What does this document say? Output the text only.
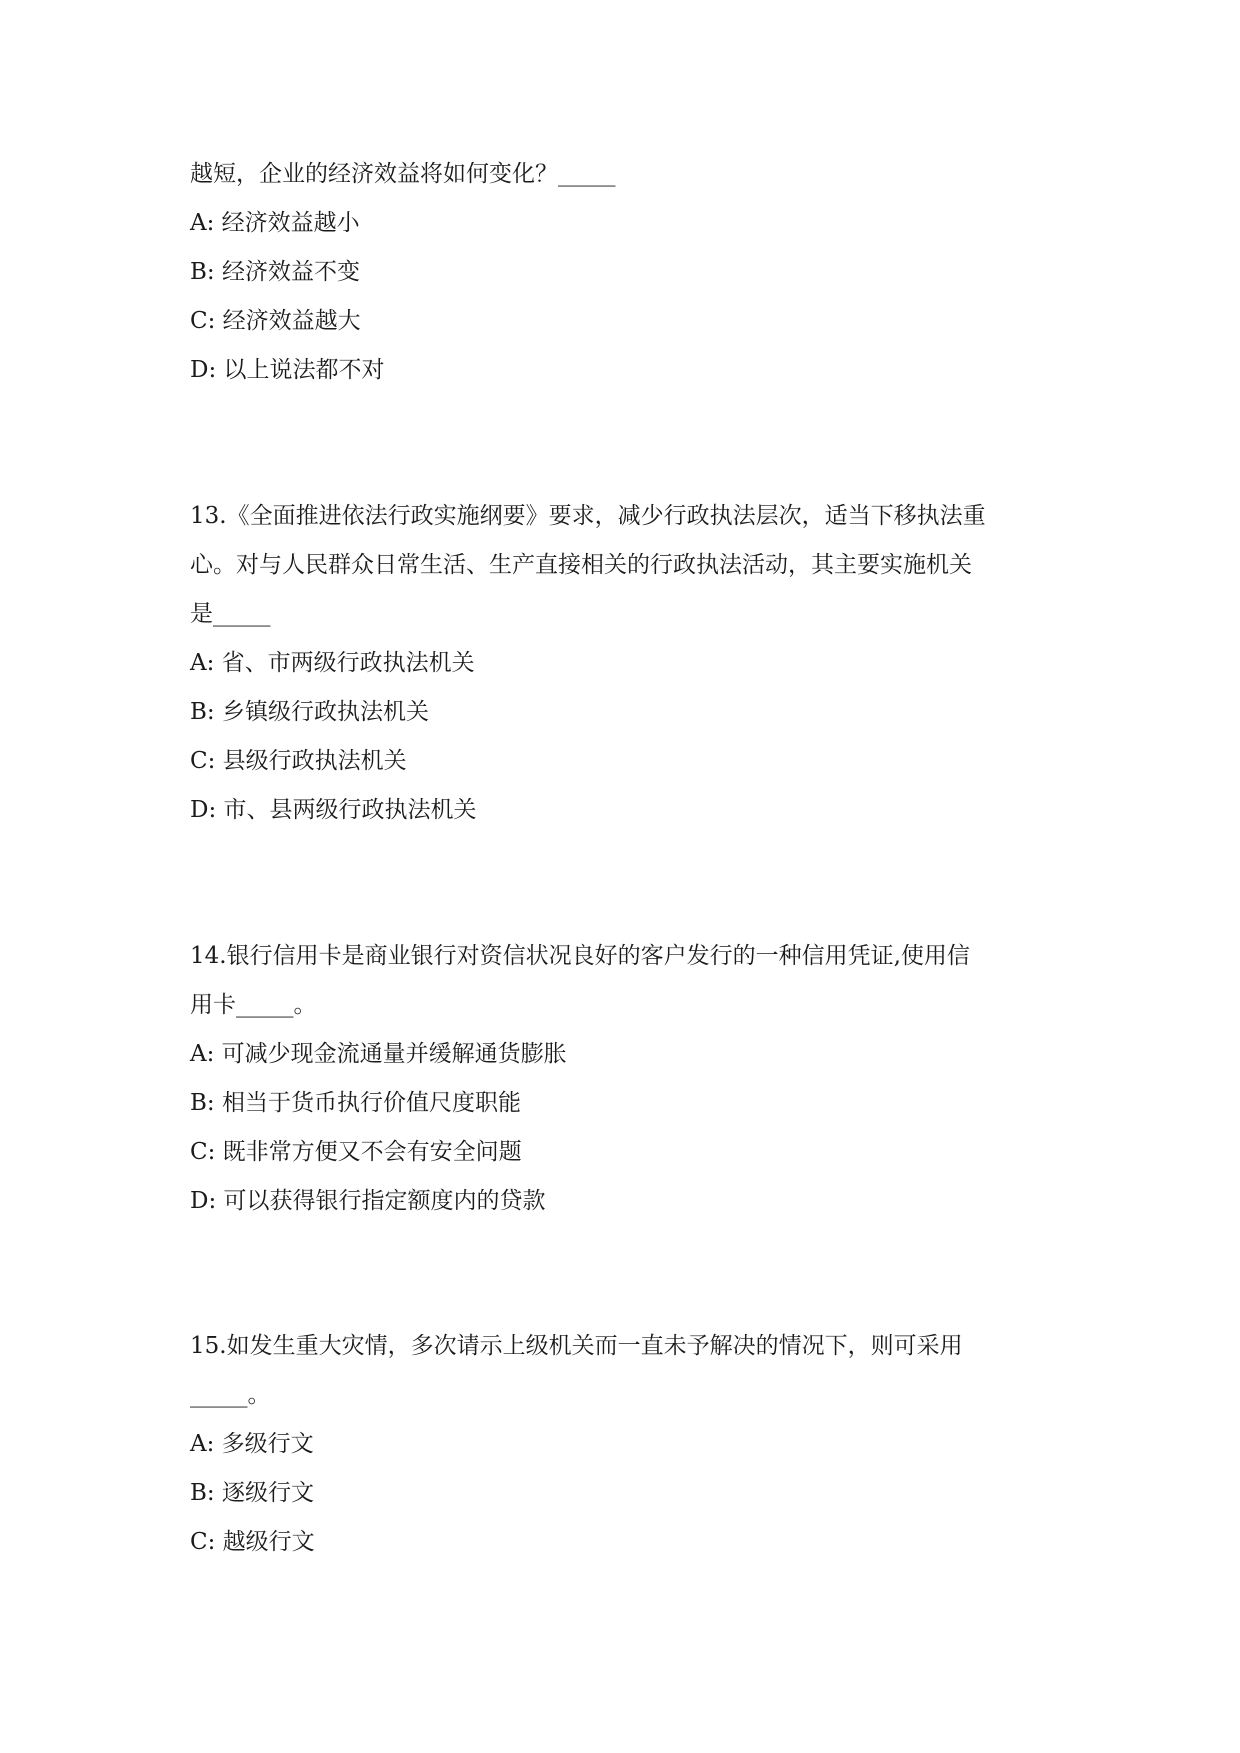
越短，企业的经济效益将如何变化？_____
A: 经济效益越小
B: 经济效益不变
C: 经济效益越大
D: 以上说法都不对
13.《全面推进依法行政实施纲要》要求，减少行政执法层次，适当下移执法重
心。对与人民群众日常生活、生产直接相关的行政执法活动，其主要实施机关
是_____
A: 省、市两级行政执法机关
B: 乡镇级行政执法机关
C: 县级行政执法机关
D: 市、县两级行政执法机关
14.银行信用卡是商业银行对资信状况良好的客户发行的一种信用凭证,使用信
用卡_____。
A: 可减少现金流通量并缓解通货膨胀
B: 相当于货币执行价值尺度职能
C: 既非常方便又不会有安全问题
D: 可以获得银行指定额度内的贷款
15.如发生重大灾情，多次请示上级机关而一直未予解决的情况下，则可采用
_____。
A: 多级行文
B: 逐级行文
C: 越级行文
